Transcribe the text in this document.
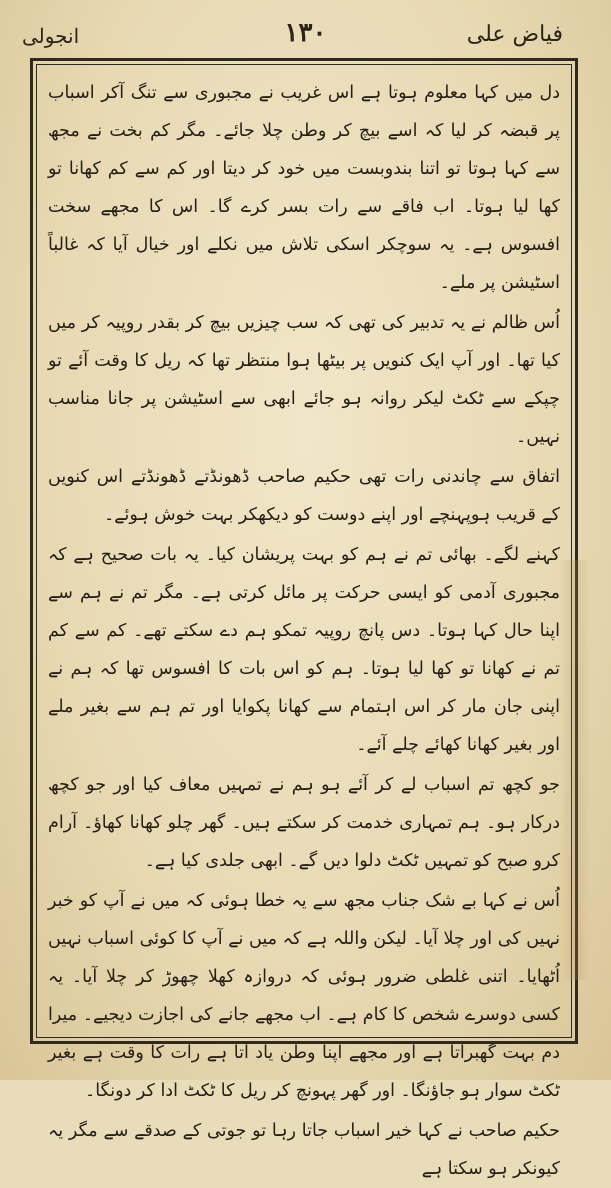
فیاض علی
۱۳۰
انجولی

دل میں کہا معلوم ہوتا ہے اس غریب نے مجبوری سے تنگ آکر اسباب پر قبضہ کر لیا کہ اسے بیچ کر وطن چلا جائے۔ مگر کم بخت نے مجھ سے کہا ہوتا تو اتنا بندوبست میں خود کر دیتا اور کم سے کم کھانا تو کھا لیا ہوتا۔ اب فاقے سے رات بسر کرے گا۔ اس کا مجھے سخت افسوس ہے۔ یہ سوچکر اسکی تلاش میں نکلے اور خیال آیا کہ غالباً اسٹیشن پر ملے۔

اُس ظالم نے یہ تدبیر کی تھی کہ سب چیزیں بیچ کر بقدر روپیہ کر میں کیا تھا۔ اور آپ ایک کنویں پر بیٹھا ہوا منتظر تھا کہ ریل کا وقت آئے تو چپکے سے ٹکٹ لیکر روانہ ہو جائے ابھی سے اسٹیشن پر جانا مناسب نہیں۔

اتفاق سے چاندنی رات تھی حکیم صاحب ڈھونڈتے ڈھونڈتے اس کنویں کے قریب ہوپہنچے اور اپنے دوست کو دیکھکر بہت خوش ہوئے۔

کہنے لگے۔ بھائی تم نے ہم کو بہت پریشان کیا۔ یہ بات صحیح ہے کہ مجبوری آدمی کو ایسی حرکت پر مائل کرتی ہے۔ مگر تم نے ہم سے اپنا حال کہا ہوتا۔ دس پانچ روپیہ تمکو ہم دے سکتے تھے۔ کم سے کم تم نے کھانا تو کھا لیا ہوتا۔ ہم کو اس بات کا افسوس تھا کہ ہم نے اپنی جان مار کر اس اہتمام سے کھانا پکوایا اور تم ہم سے بغیر ملے اور بغیر کھانا کھائے چلے آئے۔

جو کچھ تم اسباب لے کر آئے ہو ہم نے تمہیں معاف کیا اور جو کچھ درکار ہو۔ ہم تمہاری خدمت کر سکتے ہیں۔ گھر چلو کھانا کھاؤ۔ آرام کرو صبح کو تمہیں ٹکٹ دلوا دیں گے۔ ابھی جلدی کیا ہے۔

اُس نے کہا بے شک جناب مجھ سے یہ خطا ہوئی کہ میں نے آپ کو خبر نہیں کی اور چلا آیا۔ لیکن واللہ ہے کہ میں نے آپ کا کوئی اسباب نہیں اُٹھایا۔ اتنی غلطی ضرور ہوئی کہ دروازہ کھلا چھوڑ کر چلا آیا۔ یہ کسی دوسرے شخص کا کام ہے۔ اب مجھے جانے کی اجازت دیجیے۔ میرا دم بہت گھبراتا ہے اور مجھے اپنا وطن یاد آتا ہے رات کا وقت ہے بغیر ٹکٹ سوار ہو جاؤنگا۔ اور گھر پہونچ کر ریل کا ٹکٹ ادا کر دونگا۔

حکیم صاحب نے کہا خیر اسباب جاتا رہا تو جوتی کے صدقے سے مگر یہ کیونکر ہو سکتا ہے
